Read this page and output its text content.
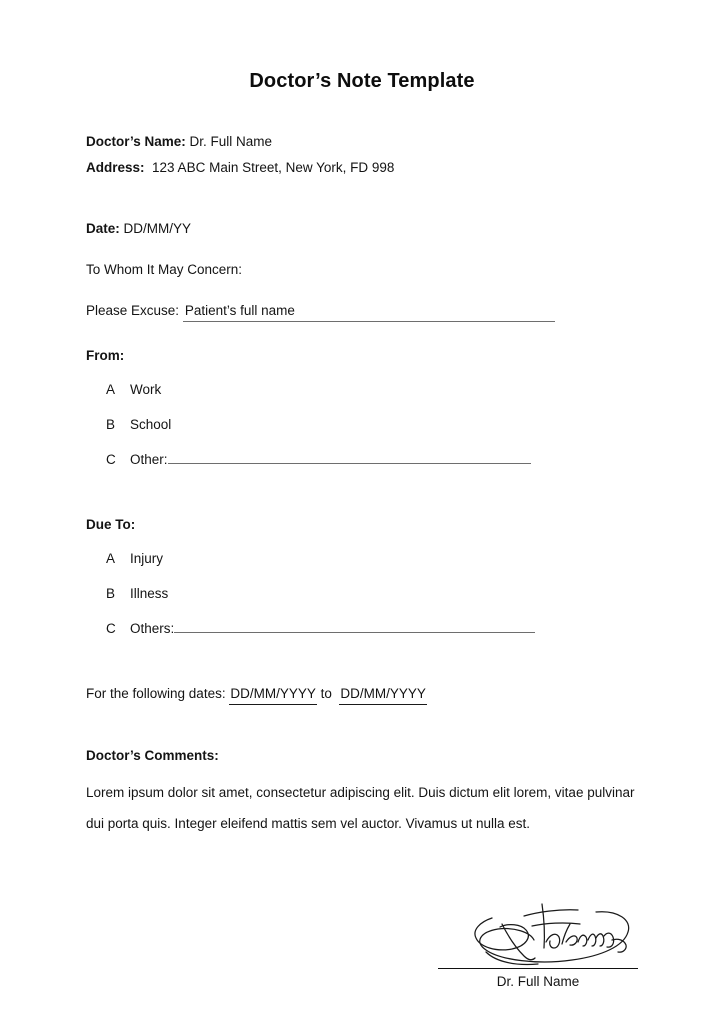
Doctor’s Note Template
Doctor’s Name: Dr. Full Name
Address: 123 ABC Main Street, New York, FD 998
Date: DD/MM/YY
To Whom It May Concern:
Please Excuse: Patient’s full name
From:
A Work
B School
C Other:
Due To:
A Injury
B Illness
C Others:
For the following dates: DD/MM/YYYY to DD/MM/YYYY
Doctor’s Comments:
Lorem ipsum dolor sit amet, consectetur adipiscing elit. Duis dictum elit lorem, vitae pulvinar dui porta quis. Integer eleifend mattis sem vel auctor. Vivamus ut nulla est.
Dr. Full Name
